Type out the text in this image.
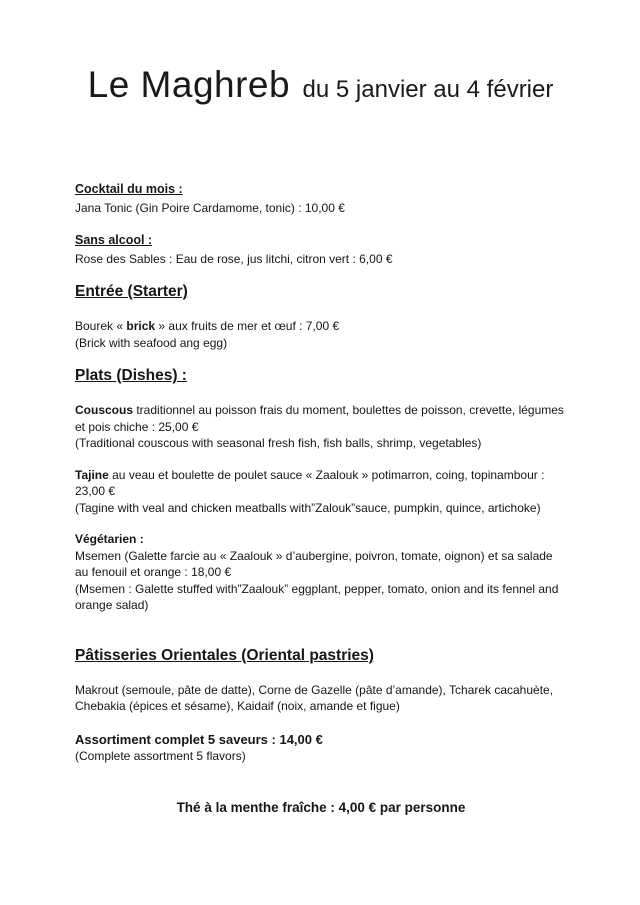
Le Maghreb du 5 janvier au 4 février
Cocktail du mois :

Jana Tonic (Gin Poire Cardamome, tonic) : 10,00 €

Sans alcool :

Rose des Sables : Eau de rose, jus litchi, citron vert : 6,00 €

Entrée (Starter)

Bourek « brick » aux fruits de mer et œuf : 7,00 €

(Brick with seafood ang egg)

Plats (Dishes) :

Couscous traditionnel au poisson frais du moment, boulettes de poisson, crevette, légumes et pois chiche : 25,00 €

(Traditional couscous with seasonal fresh fish, fish balls, shrimp, vegetables)

Tajine au veau et boulette de poulet sauce « Zaalouk » potimarron, coing, topinambour : 23,00 €

(Tagine with veal and chicken meatballs with”Zalouk”sauce, pumpkin, quince, artichoke)

Végétarien :

Msemen (Galette farcie au « Zaalouk » d’aubergine, poivron, tomate, oignon) et sa salade au fenouil et orange : 18,00 €

(Msemen : Galette stuffed with”Zaalouk” eggplant, pepper, tomato, onion and its fennel and orange salad)

Pâtisseries Orientales (Oriental pastries)

Makrout (semoule, pâte de datte), Corne de Gazelle (pâte d’amande), Tcharek cacahuète, Chebakia (épices et sésame), Kaidaif (noix, amande et figue)

Assortiment complet 5 saveurs : 14,00 €

(Complete assortment 5 flavors)

Thé à la menthe fraîche : 4,00 € par personne
